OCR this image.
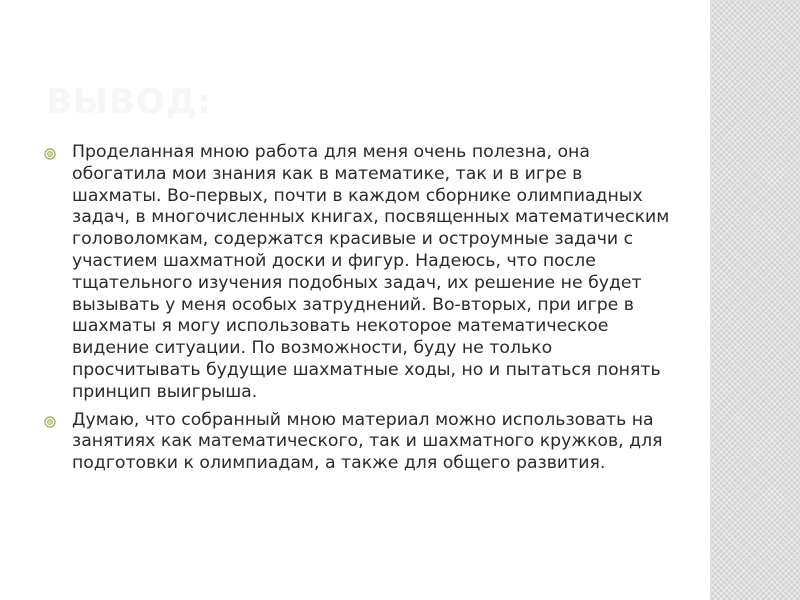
ВЫВОД:
Проделанная мною работа для меня очень полезна, она обогатила мои знания как в математике, так и в игре в шахматы. Во-первых, почти в каждом сборнике олимпиадных задач, в многочисленных книгах, посвященных математическим головоломкам, содержатся красивые и остроумные задачи с участием шахматной доски и фигур. Надеюсь, что после тщательного изучения подобных задач, их решение не будет вызывать у меня особых затруднений. Во-вторых, при игре в шахматы я могу использовать некоторое математическое видение ситуации. По возможности, буду не только просчитывать будущие шахматные ходы, но и пытаться понять принцип выигрыша.
Думаю, что собранный мною материал можно использовать на занятиях как математического, так и шахматного кружков, для подготовки к олимпиадам, а также для общего развития.
